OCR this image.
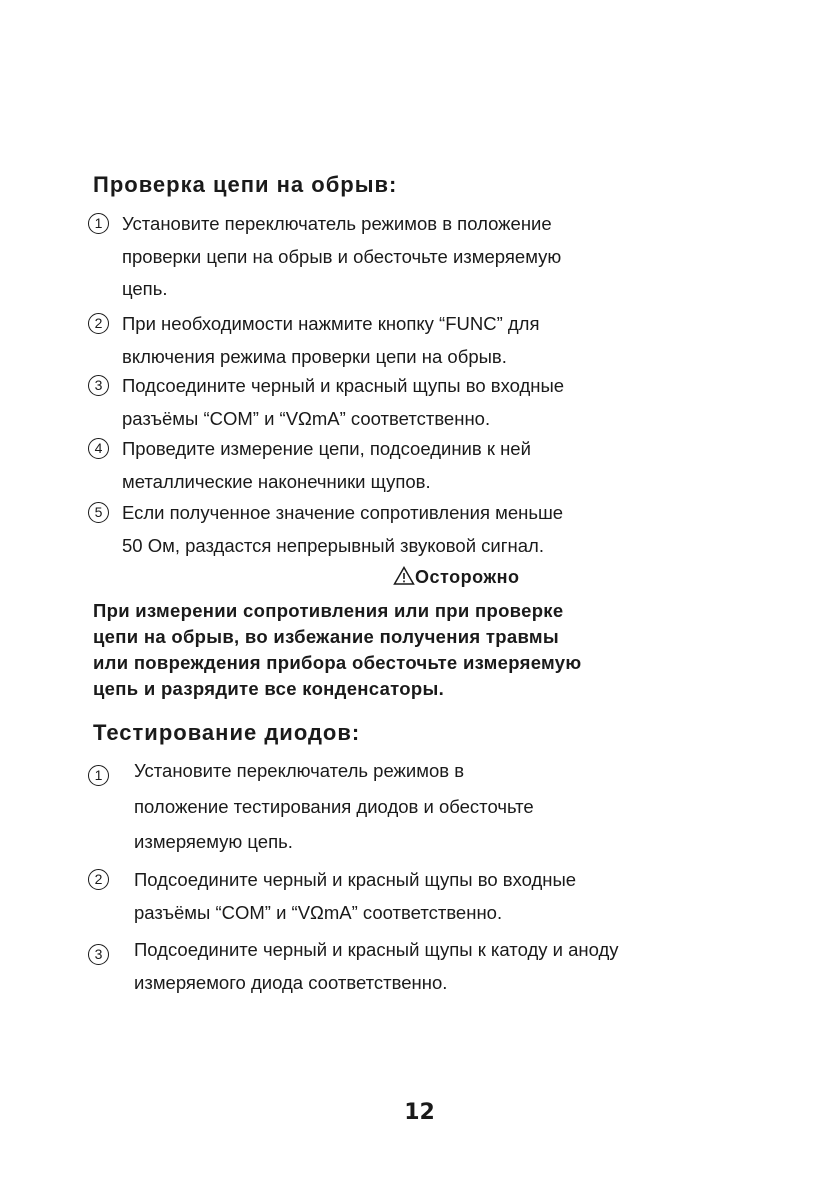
Проверка цепи на обрыв:
1	Установите переключатель режимов в положение
проверки цепи на обрыв и обесточьте измеряемую
цепь.
2	При необходимости нажмите кнопку “FUNC” для
включения режима проверки цепи на обрыв.
3	Подсоедините черный и красный щупы во входные
разъёмы “COM” и “VΩmA” соответственно.
4	Проведите измерение цепи, подсоединив к ней
металлические наконечники щупов.
5	Если полученное значение сопротивления меньше
50 Ом, раздастся непрерывный звуковой сигнал.
Осторожно
При измерении сопротивления или при проверке
цепи на обрыв, во избежание получения травмы
или повреждения прибора обесточьте измеряемую
цепь и разрядите все конденсаторы.
Тестирование диодов:
1	Установите переключатель режимов в
положение тестирования диодов и обесточьте
измеряемую цепь.
2	Подсоедините черный и красный щупы во входные
разъёмы “COM” и “VΩmA” соответственно.
3	Подсоедините черный и красный щупы к катоду и аноду
измеряемого диода соответственно.
12
